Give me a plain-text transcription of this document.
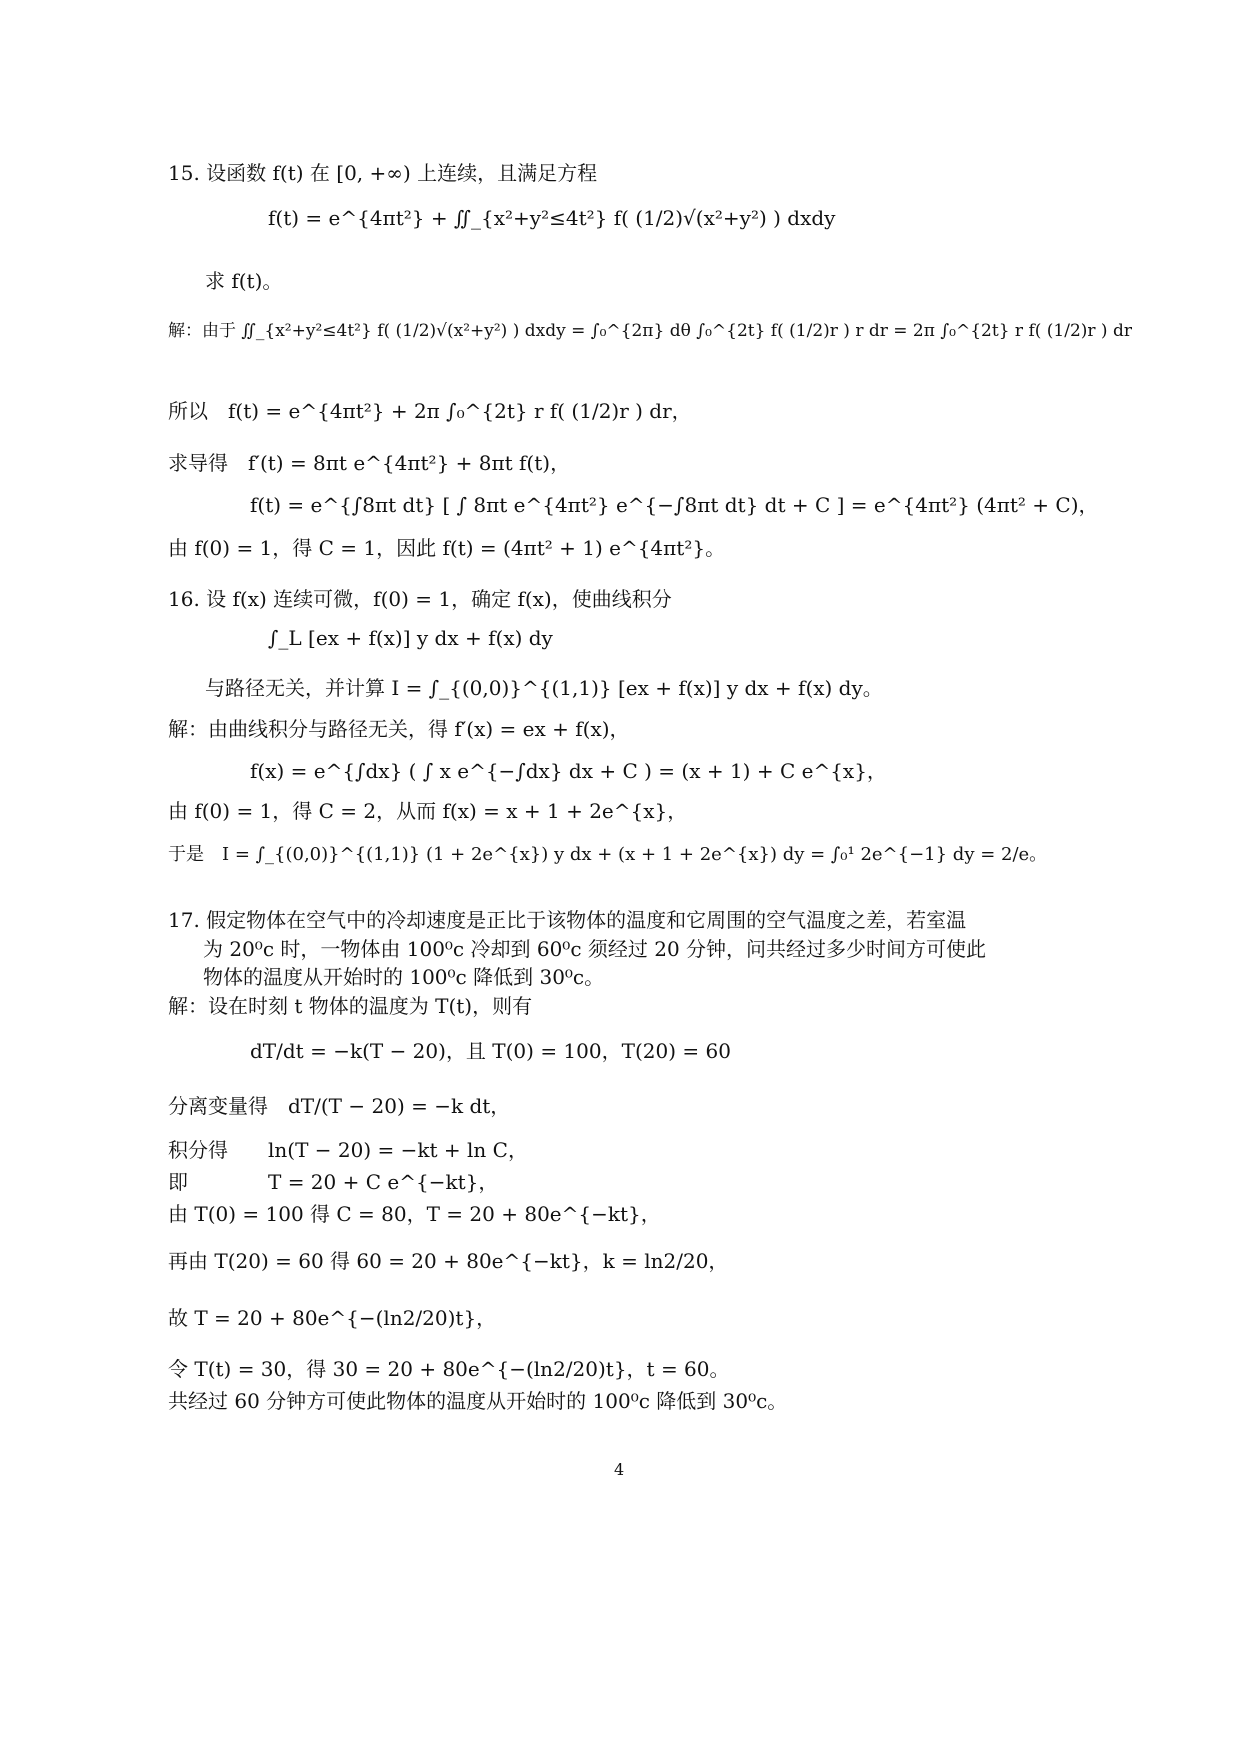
15. 设函数 f(t) 在 [0, +∞) 上连续，且满足方程
f(t) = e^{4πt²} + ∬_{x²+y²≤4t²} f( (1/2)√(x²+y²) ) dxdy
求 f(t)。
解：由于 ∬_{x²+y²≤4t²} f( (1/2)√(x²+y²) ) dxdy = ∫₀^{2π} dθ ∫₀^{2t} f( (1/2)r ) r dr = 2π ∫₀^{2t} r f( (1/2)r ) dr
所以　f(t) = e^{4πt²} + 2π ∫₀^{2t} r f( (1/2)r ) dr，
求导得　f′(t) = 8πt e^{4πt²} + 8πt f(t)，
f(t) = e^{∫8πt dt} [ ∫ 8πt e^{4πt²} e^{−∫8πt dt} dt + C ] = e^{4πt²} (4πt² + C)，
由 f(0) = 1，得 C = 1，因此 f(t) = (4πt² + 1) e^{4πt²}。
16. 设 f(x) 连续可微，f(0) = 1，确定 f(x)，使曲线积分
∫_L [ex + f(x)] y dx + f(x) dy
与路径无关，并计算 I = ∫_{(0,0)}^{(1,1)} [ex + f(x)] y dx + f(x) dy。
解：由曲线积分与路径无关，得 f′(x) = ex + f(x)，
f(x) = e^{∫dx} ( ∫ x e^{−∫dx} dx + C ) = (x + 1) + C e^{x}，
由 f(0) = 1，得 C = 2，从而 f(x) = x + 1 + 2e^{x}，
于是　I = ∫_{(0,0)}^{(1,1)} (1 + 2e^{x}) y dx + (x + 1 + 2e^{x}) dy = ∫₀¹ 2e^{−1} dy = 2/e。
17. 假定物体在空气中的冷却速度是正比于该物体的温度和它周围的空气温度之差，若室温
为 20⁰c 时，一物体由 100⁰c 冷却到 60⁰c 须经过 20 分钟，问共经过多少时间方可使此
物体的温度从开始时的 100⁰c 降低到 30⁰c。
解：设在时刻 t 物体的温度为 T(t)，则有
dT/dt = −k(T − 20)，且 T(0) = 100，T(20) = 60
分离变量得　dT/(T − 20) = −k dt，
积分得　　ln(T − 20) = −kt + ln C，
即　　　　T = 20 + C e^{−kt}，
由 T(0) = 100 得 C = 80，T = 20 + 80e^{−kt}，
再由 T(20) = 60 得 60 = 20 + 80e^{−kt}，k = ln2/20，
故 T = 20 + 80e^{−(ln2/20)t}，
令 T(t) = 30，得 30 = 20 + 80e^{−(ln2/20)t}，t = 60。
共经过 60 分钟方可使此物体的温度从开始时的 100⁰c 降低到 30⁰c。
4
